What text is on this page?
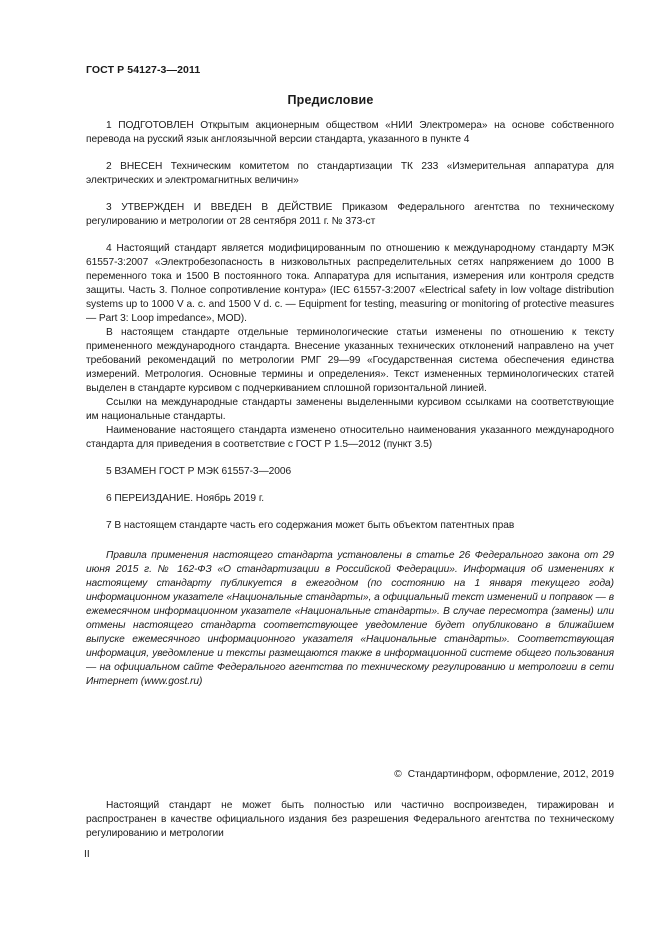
ГОСТ Р 54127-3—2011
Предисловие

1 ПОДГОТОВЛЕН Открытым акционерным обществом «НИИ Электромера» на основе собственного перевода на русский язык англоязычной версии стандарта, указанного в пункте 4

2 ВНЕСЕН Техническим комитетом по стандартизации ТК 233 «Измерительная аппаратура для электрических и электромагнитных величин»

3 УТВЕРЖДЕН И ВВЕДЕН В ДЕЙСТВИЕ Приказом Федерального агентства по техническому регулированию и метрологии от 28 сентября 2011 г. № 373-ст

4 Настоящий стандарт является модифицированным по отношению к международному стандарту МЭК 61557-3:2007 «Электробезопасность в низковольтных распределительных сетях напряжением до 1000 В переменного тока и 1500 В постоянного тока. Аппаратура для испытания, измерения или контроля средств защиты. Часть 3. Полное сопротивление контура» (IEC 61557-3:2007 «Electrical safety in low voltage distribution systems up to 1000 V a. c. and 1500 V d. c. — Equipment for testing, measuring or monitoring of protective measures — Part 3: Loop impedance», MOD).

В настоящем стандарте отдельные терминологические статьи изменены по отношению к тексту примененного международного стандарта. Внесение указанных технических отклонений направлено на учет требований рекомендаций по метрологии РМГ 29—99 «Государственная система обеспечения единства измерений. Метрология. Основные термины и определения». Текст измененных терминологических статей выделен в стандарте курсивом с подчеркиванием сплошной горизонтальной линией.

Ссылки на международные стандарты заменены выделенными курсивом ссылками на соответствующие им национальные стандарты.

Наименование настоящего стандарта изменено относительно наименования указанного международного стандарта для приведения в соответствие с ГОСТ Р 1.5—2012 (пункт 3.5)

5 ВЗАМЕН ГОСТ Р МЭК 61557-3—2006

6 ПЕРЕИЗДАНИЕ. Ноябрь 2019 г.

7 В настоящем стандарте часть его содержания может быть объектом патентных прав

Правила применения настоящего стандарта установлены в статье 26 Федерального закона от 29 июня 2015 г. № 162-ФЗ «О стандартизации в Российской Федерации». Информация об изменениях к настоящему стандарту публикуется в ежегодном (по состоянию на 1 января текущего года) информационном указателе «Национальные стандарты», а официальный текст изменений и поправок — в ежемесячном информационном указателе «Национальные стандарты». В случае пересмотра (замены) или отмены настоящего стандарта соответствующее уведомление будет опубликовано в ближайшем выпуске ежемесячного информационного указателя «Национальные стандарты». Соответствующая информация, уведомление и тексты размещаются также в информационной системе общего пользования — на официальном сайте Федерального агентства по техническому регулированию и метрологии в сети Интернет (www.gost.ru)

© Стандартинформ, оформление, 2012, 2019

Настоящий стандарт не может быть полностью или частично воспроизведен, тиражирован и распространен в качестве официального издания без разрешения Федерального агентства по техническому регулированию и метрологии

II
